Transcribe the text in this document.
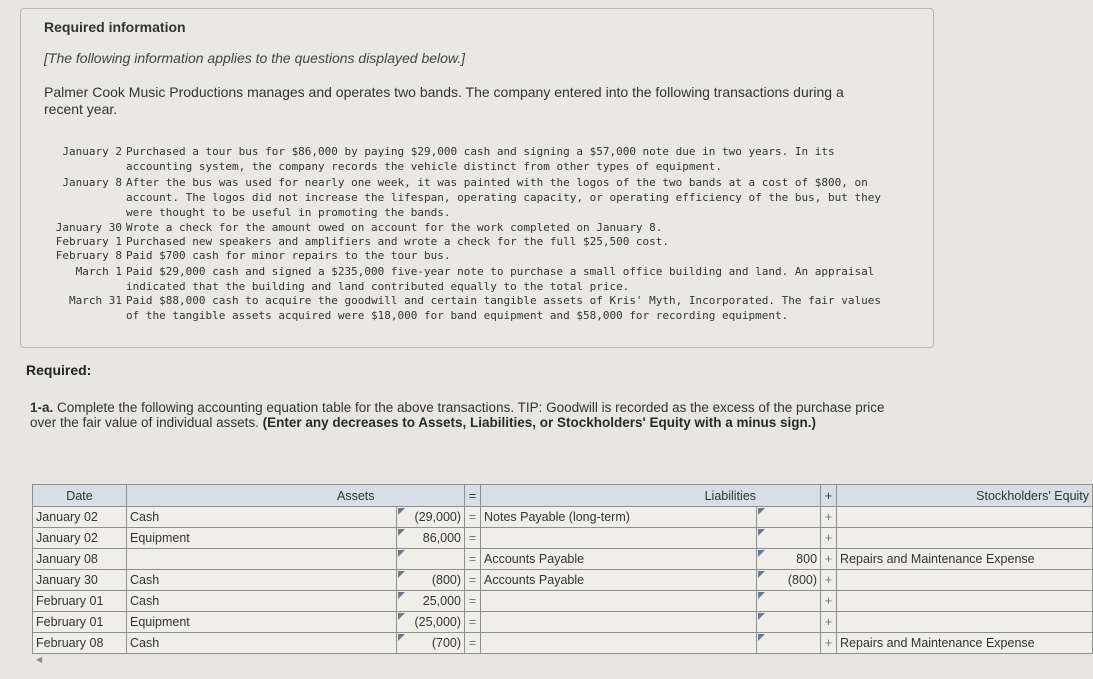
Required information
[The following information applies to the questions displayed below.]
Palmer Cook Music Productions manages and operates two bands. The company entered into the following transactions during a recent year.
January 2 Purchased a tour bus for $86,000 by paying $29,000 cash and signing a $57,000 note due in two years. In its accounting system, the company records the vehicle distinct from other types of equipment.
January 8 After the bus was used for nearly one week, it was painted with the logos of the two bands at a cost of $800, on account. The logos did not increase the lifespan, operating capacity, or operating efficiency of the bus, but they were thought to be useful in promoting the bands.
January 30 Wrote a check for the amount owed on account for the work completed on January 8.
February 1 Purchased new speakers and amplifiers and wrote a check for the full $25,500 cost.
February 8 Paid $700 cash for minor repairs to the tour bus.
March 1 Paid $29,000 cash and signed a $235,000 five-year note to purchase a small office building and land. An appraisal indicated that the building and land contributed equally to the total price.
March 31 Paid $88,000 cash to acquire the goodwill and certain tangible assets of Kris' Myth, Incorporated. The fair values of the tangible assets acquired were $18,000 for band equipment and $58,000 for recording equipment.
Required:
1-a. Complete the following accounting equation table for the above transactions. TIP: Goodwill is recorded as the excess of the purchase price over the fair value of individual assets. (Enter any decreases to Assets, Liabilities, or Stockholders' Equity with a minus sign.)
Date	Assets		=	Liabilities		+	Stockholders' Equity
January 02	Cash	(29,000)	=	Notes Payable (long-term)		+	
January 02	Equipment	86,000	=			+	
January 08			=	Accounts Payable	800	+	Repairs and Maintenance Expense
January 30	Cash	(800)	=	Accounts Payable	(800)	+	
February 01	Cash	25,000	=			+	
February 01	Equipment	(25,000)	=			+	
February 08	Cash	(700)	=			+	Repairs and Maintenance Expense
◀
